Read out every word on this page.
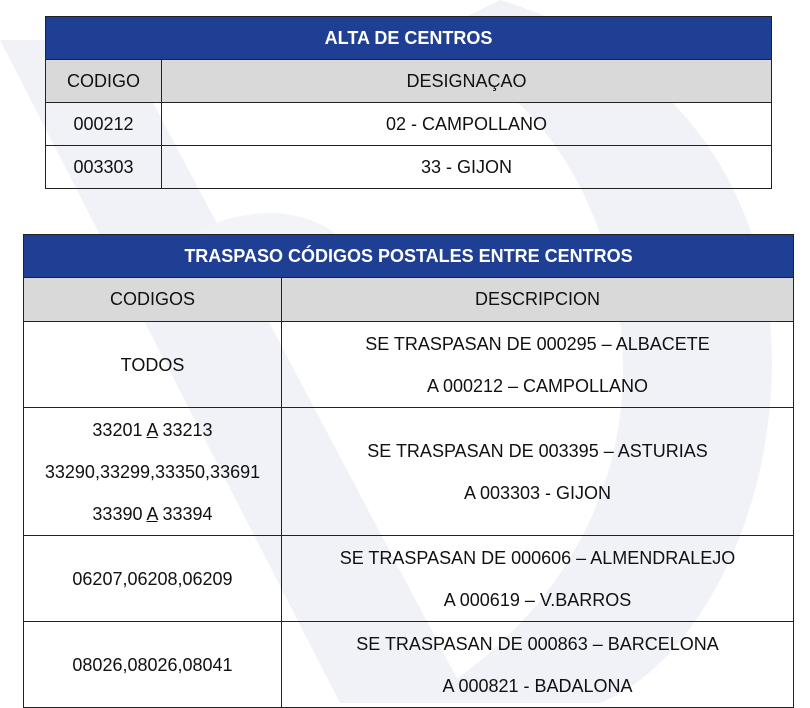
ALTA DE CENTROS	
CODIGO	DESIGNAÇAO
000212	02 - CAMPOLLANO
003303	33 - GIJON
TRASPASO CÓDIGOS POSTALES ENTRE CENTROS	
CODIGOS	DESCRIPCION

TODOS	SE TRASPASAN DE 000295 – ALBACETE
A 000212 – CAMPOLLANO

33201 A 33213
33290,33299,33350,33691
33390 A 33394	SE TRASPASAN DE 003395 – ASTURIAS
A 003303 - GIJON

06207,06208,06209	SE TRASPASAN DE 000606 – ALMENDRALEJO
A 000619 – V.BARROS

08026,08026,08041	SE TRASPASAN DE 000863 – BARCELONA
A 000821 - BADALONA
